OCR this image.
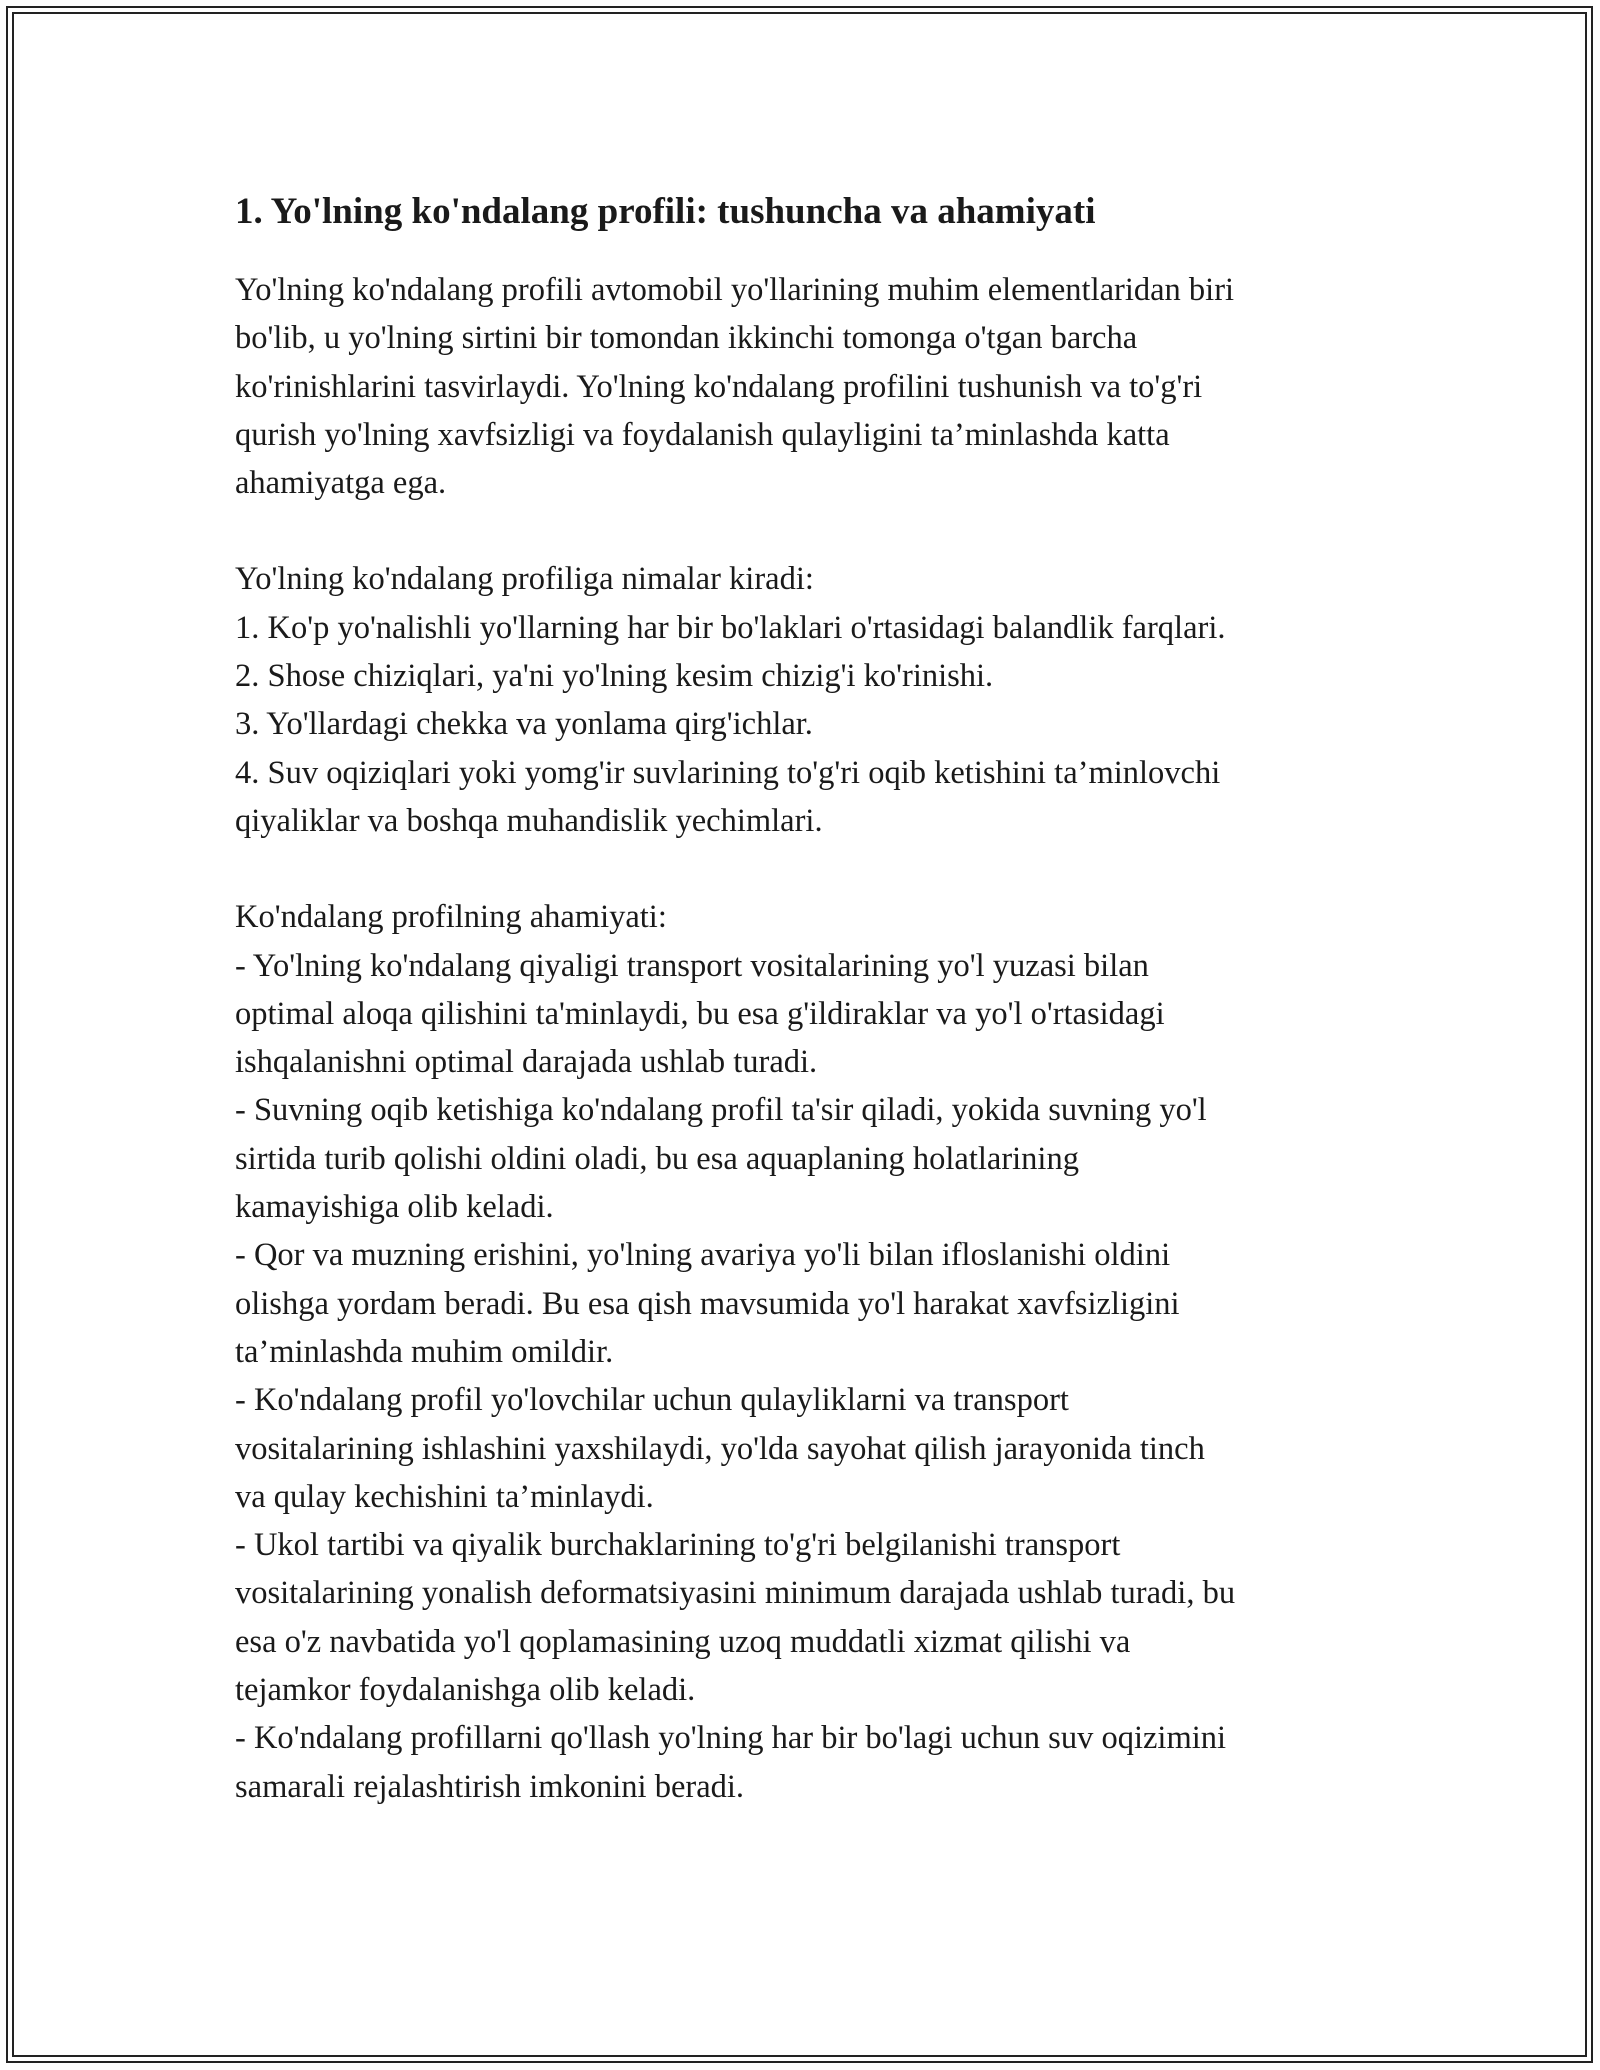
1. Yo'lning ko'ndalang profili: tushuncha va ahamiyati

Yo'lning ko'ndalang profili avtomobil yo'llarining muhim elementlaridan biri
bo'lib, u yo'lning sirtini bir tomondan ikkinchi tomonga o'tgan barcha
ko'rinishlarini tasvirlaydi. Yo'lning ko'ndalang profilini tushunish va to'g'ri
qurish yo'lning xavfsizligi va foydalanish qulayligini ta’minlashda katta
ahamiyatga ega.

Yo'lning ko'ndalang profiliga nimalar kiradi:
1. Ko'p yo'nalishli yo'llarning har bir bo'laklari o'rtasidagi balandlik farqlari.
2. Shose chiziqlari, ya'ni yo'lning kesim chizig'i ko'rinishi.
3. Yo'llardagi chekka va yonlama qirg'ichlar.
4. Suv oqiziqlari yoki yomg'ir suvlarining to'g'ri oqib ketishini ta’minlovchi
qiyaliklar va boshqa muhandislik yechimlari.

Ko'ndalang profilning ahamiyati:
- Yo'lning ko'ndalang qiyaligi transport vositalarining yo'l yuzasi bilan
optimal aloqa qilishini ta'minlaydi, bu esa g'ildiraklar va yo'l o'rtasidagi
ishqalanishni optimal darajada ushlab turadi.
- Suvning oqib ketishiga ko'ndalang profil ta'sir qiladi, yokida suvning yo'l
sirtida turib qolishi oldini oladi, bu esa aquaplaning holatlarining
kamayishiga olib keladi.
- Qor va muzning erishini, yo'lning avariya yo'li bilan ifloslanishi oldini
olishga yordam beradi. Bu esa qish mavsumida yo'l harakat xavfsizligini
ta’minlashda muhim omildir.
- Ko'ndalang profil yo'lovchilar uchun qulayliklarni va transport
vositalarining ishlashini yaxshilaydi, yo'lda sayohat qilish jarayonida tinch
va qulay kechishini ta’minlaydi.
- Ukol tartibi va qiyalik burchaklarining to'g'ri belgilanishi transport
vositalarining yonalish deformatsiyasini minimum darajada ushlab turadi, bu
esa o'z navbatida yo'l qoplamasining uzoq muddatli xizmat qilishi va
tejamkor foydalanishga olib keladi.
- Ko'ndalang profillarni qo'llash yo'lning har bir bo'lagi uchun suv oqizimini
samarali rejalashtirish imkonini beradi.
